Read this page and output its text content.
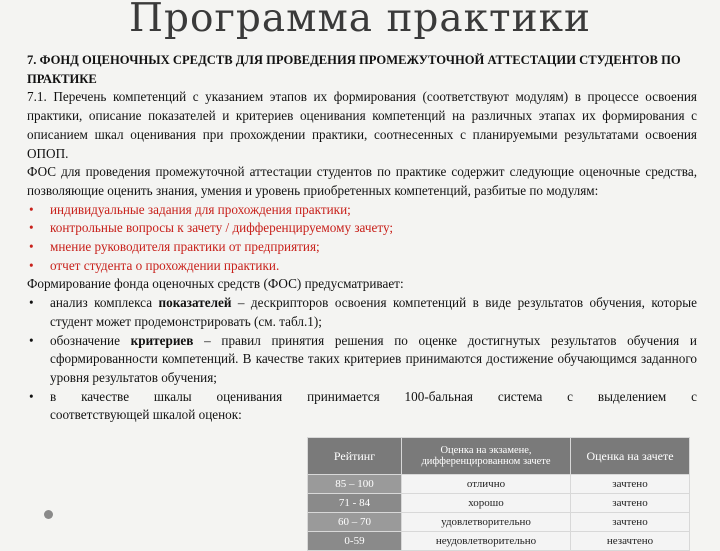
Программа практики

7. ФОНД ОЦЕНОЧНЫХ СРЕДСТВ ДЛЯ ПРОВЕДЕНИЯ ПРОМЕЖУТОЧНОЙ АТТЕСТАЦИИ СТУДЕНТОВ ПО ПРАКТИКЕ

7.1. Перечень компетенций с указанием этапов их формирования (соответствуют модулям) в процессе освоения практики, описание показателей и критериев оценивания компетенций на различных этапах их формирования с описанием шкал оценивания при прохождении практики, соотнесенных с планируемыми результатами освоения ОПОП.

ФОС для проведения промежуточной аттестации студентов по практике содержит следующие оценочные средства, позволяющие оценить знания, умения и уровень приобретенных компетенций, разбитые по модулям:

• индивидуальные задания для прохождения практики;
• контрольные вопросы к зачету / дифференцируемому зачету;
• мнение руководителя практики от предприятия;
• отчет студента о прохождении практики.

Формирование фонда оценочных средств (ФОС) предусматривает:

• анализ комплекса показателей – дескрипторов освоения компетенций в виде результатов обучения, которые студент может продемонстрировать (см. табл.1);
• обозначение критериев – правил принятия решения по оценке достигнутых результатов обучения и сформированности компетенций. В качестве таких критериев принимаются достижение обучающимся заданного уровня результатов обучения;
• в качестве шкалы оценивания принимается 100-бальная система с выделением с
соответствующей шкалой оценок:
Рейтинг	Оценка на экзамене, дифференцированном зачете	Оценка на зачете
85 – 100	отлично	зачтено
71 - 84	хорошо	зачтено
60 – 70	удовлетворительно	зачтено
0-59	неудовлетворительно	незачтено
